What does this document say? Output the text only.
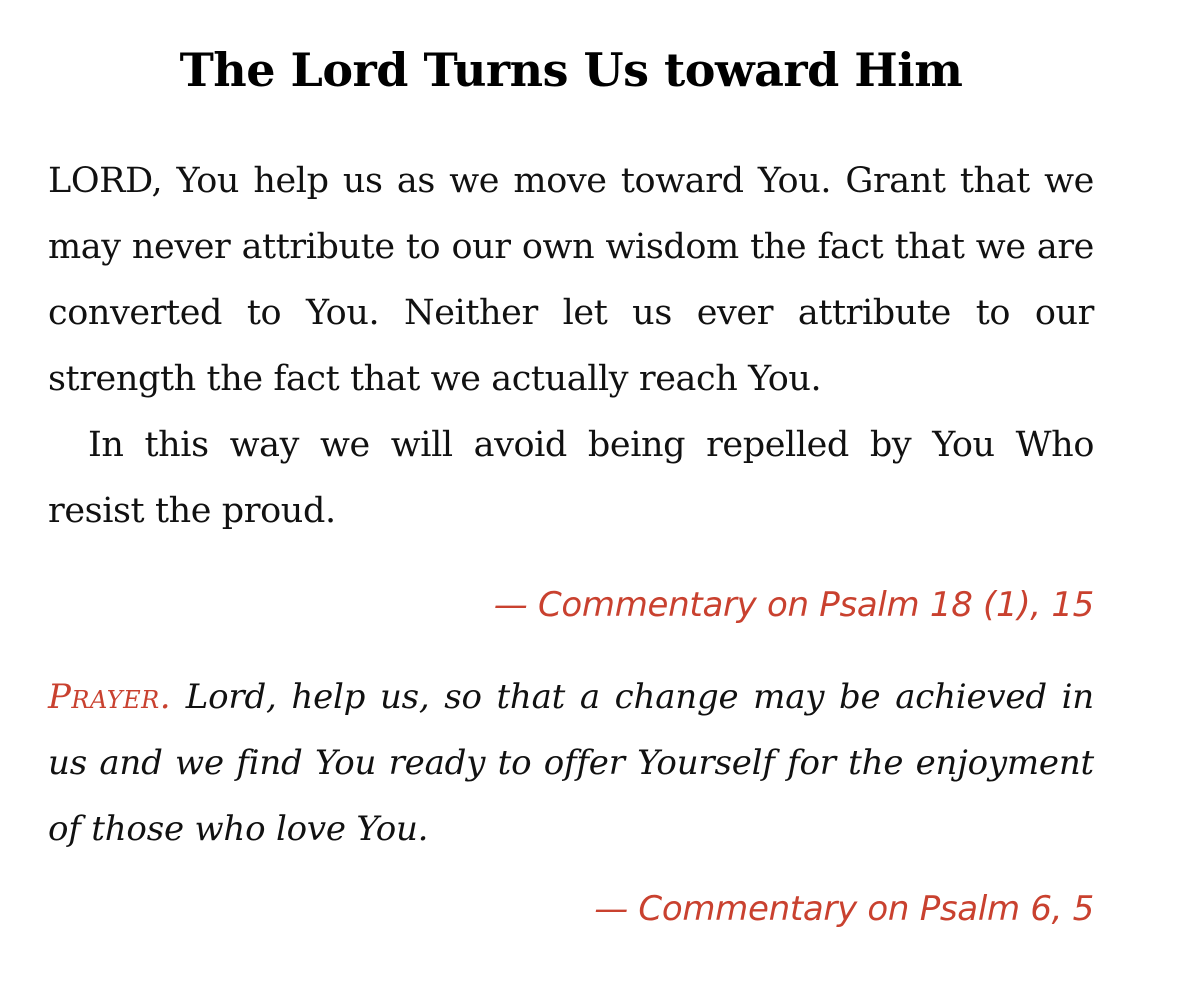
The Lord Turns Us toward Him

LORD, You help us as we move toward You. Grant that we may never attribute to our own wisdom the fact that we are converted to You. Neither let us ever attribute to our strength the fact that we actually reach You.

In this way we will avoid being repelled by You Who resist the proud.

— Commentary on Psalm 18 (1), 15

Prayer. Lord, help us, so that a change may be achieved in us and we find You ready to offer Yourself for the enjoyment of those who love You.

— Commentary on Psalm 6, 5
